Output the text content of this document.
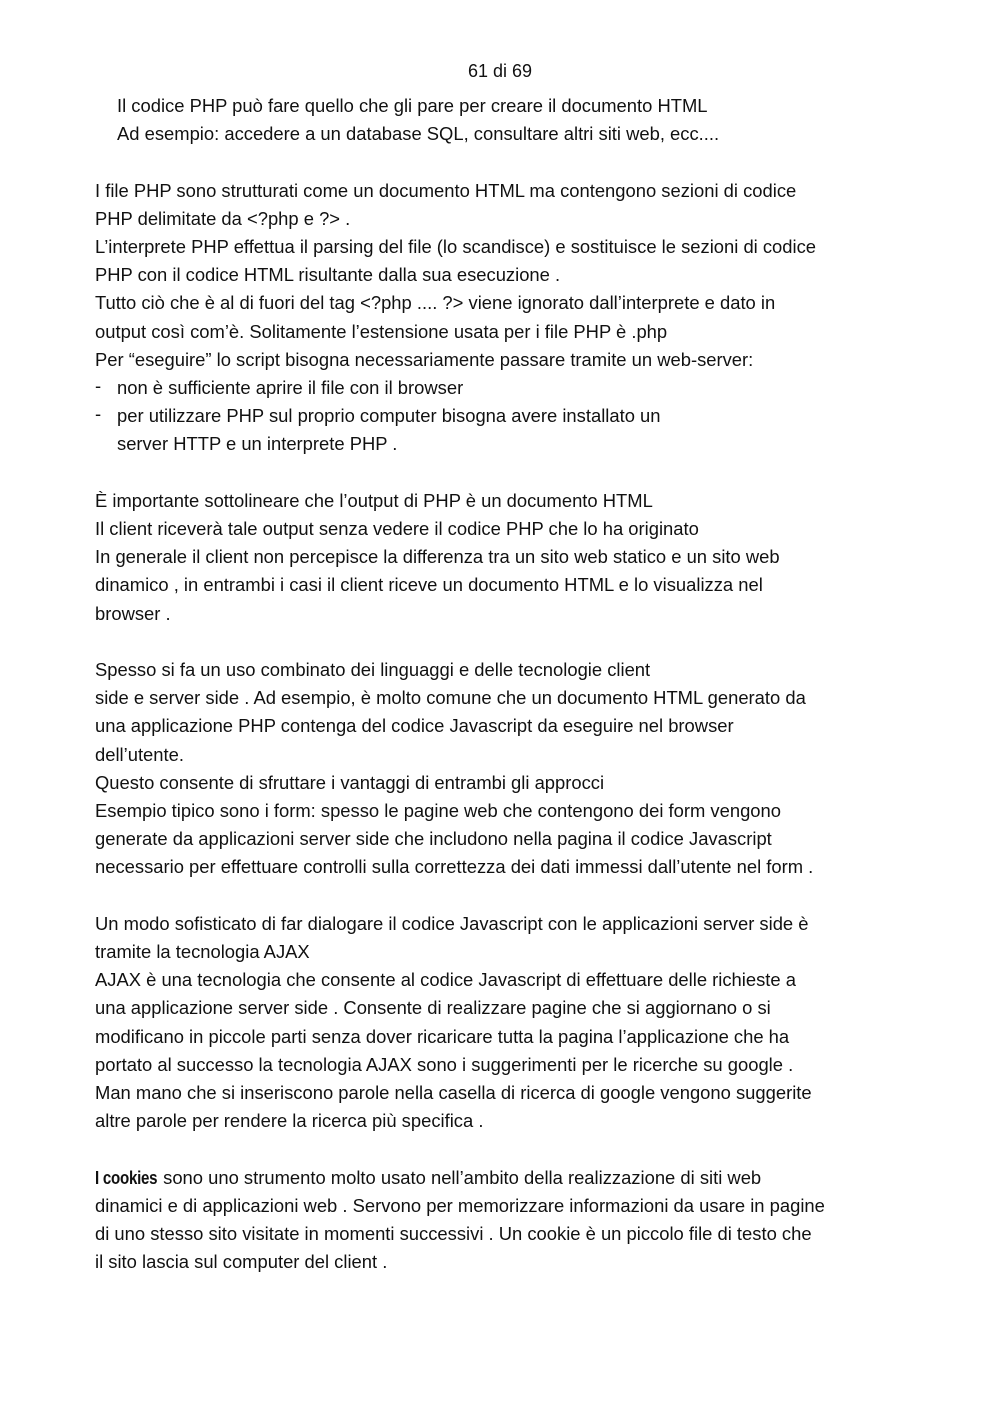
61 di 69
Il codice PHP può fare quello che gli pare per creare il documento HTML
Ad esempio: accedere a un database SQL, consultare altri siti web, ecc....
I file PHP sono strutturati come un documento HTML ma contengono sezioni di codice
PHP delimitate da <?php e ?> .
L’interprete PHP effettua il parsing del file (lo scandisce) e sostituisce le sezioni di codice
PHP con il codice HTML risultante dalla sua esecuzione .
Tutto ciò che è al di fuori del tag <?php .... ?> viene ignorato dall’interprete e dato in
output così com’è. Solitamente l’estensione usata per i file PHP è .php
Per “eseguire” lo script bisogna necessariamente passare tramite un web-server:
- non è sufficiente aprire il file con il browser
- per utilizzare PHP sul proprio computer bisogna avere installato un
server HTTP e un interprete PHP .
È importante sottolineare che l’output di PHP è un documento HTML
Il client riceverà tale output senza vedere il codice PHP che lo ha originato
In generale il client non percepisce la differenza tra un sito web statico e un sito web
dinamico , in entrambi i casi il client riceve un documento HTML e lo visualizza nel
browser .
Spesso si fa un uso combinato dei linguaggi e delle tecnologie client
side e server side . Ad esempio, è molto comune che un documento HTML generato da
una applicazione PHP contenga del codice Javascript da eseguire nel browser
dell’utente.
Questo consente di sfruttare i vantaggi di entrambi gli approcci
Esempio tipico sono i form: spesso le pagine web che contengono dei form vengono
generate da applicazioni server side che includono nella pagina il codice Javascript
necessario per effettuare controlli sulla correttezza dei dati immessi dall’utente nel form .
Un modo sofisticato di far dialogare il codice Javascript con le applicazioni server side è
tramite la tecnologia AJAX
AJAX è una tecnologia che consente al codice Javascript di effettuare delle richieste a
una applicazione server side . Consente di realizzare pagine che si aggiornano o si
modificano in piccole parti senza dover ricaricare tutta la pagina l’applicazione che ha
portato al successo la tecnologia AJAX sono i suggerimenti per le ricerche su google .
Man mano che si inseriscono parole nella casella di ricerca di google vengono suggerite
altre parole per rendere la ricerca più specifica .
I cookies sono uno strumento molto usato nell’ambito della realizzazione di siti web
dinamici e di applicazioni web . Servono per memorizzare informazioni da usare in pagine
di uno stesso sito visitate in momenti successivi . Un cookie è un piccolo file di testo che
il sito lascia sul computer del client .
